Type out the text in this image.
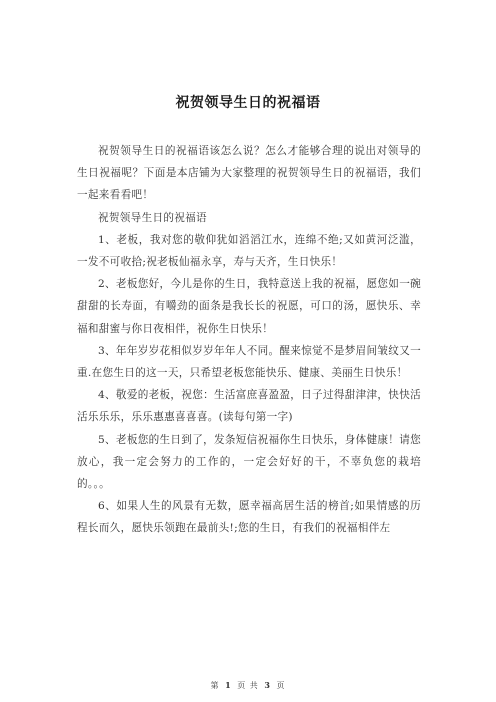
祝贺领导生日的祝福语

祝贺领导生日的祝福语该怎么说？怎么才能够合理的说出对领导的生日祝福呢？下面是本店铺为大家整理的祝贺领导生日的祝福语，我们一起来看看吧！

祝贺领导生日的祝福语

1、老板，我对您的敬仰犹如滔滔江水，连绵不绝;又如黄河泛滥，一发不可收拾;祝老板仙福永享，寿与天齐，生日快乐！

2、老板您好，今儿是你的生日，我特意送上我的祝福，愿您如一碗甜甜的长寿面，有嚼劲的面条是我长长的祝愿，可口的汤，愿快乐、幸福和甜蜜与你日夜相伴，祝你生日快乐！

3、年年岁岁花相似岁岁年年人不同。醒来惊觉不是梦眉间皱纹又一重.在您生日的这一天，只希望老板您能快乐、健康、美丽生日快乐！

4、敬爱的老板，祝您：生活富庶喜盈盈，日子过得甜津津，快快活活乐乐乐，乐乐惠惠喜喜喜。(读每句第一字)

5、老板您的生日到了，发条短信祝福你生日快乐，身体健康！请您放心，我一定会努力的工作的，一定会好好的干，不辜负您的栽培的。。。

6、如果人生的风景有无数，愿幸福高居生活的榜首;如果情感的历程长而久，愿快乐领跑在最前头!;您的生日，有我们的祝福相伴左

第 1 页 共 3 页
